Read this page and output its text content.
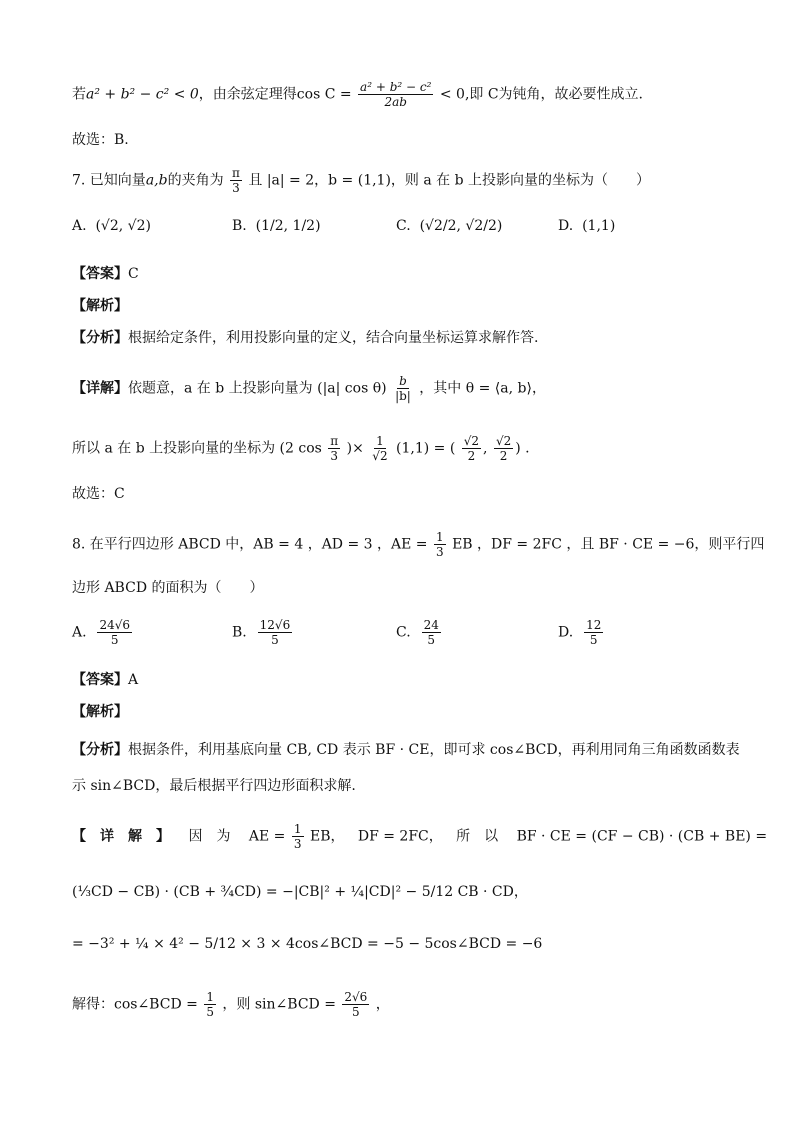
若a² + b² − c² < 0，由余弦定理得$\cos C = \frac{\text{a² + b² − c²}}{2ab} < 0$,即 C为钝角，故必要性成立.
故选：B.
7. 已知向量a,b的夹角为 $\frac{\pi}{3}$ 且 |a| = 2，b = (1,1)，则 a 在 b 上投影向量的坐标为（　　）
A. (√2, √2)	B. (1/2, 1/2)	C. (√2/2, √2/2)	D. (1,1)
【答案】C
【解析】
【分析】根据给定条件，利用投影向量的定义，结合向量坐标运算求解作答.
【详解】依题意，a 在 b 上投影向量为 (|a| $\cos \theta) \frac{b}{|b|}$ ，其中 θ = ⟨a, b⟩，
所以 a 在 b 上投影向量的坐标为 (2 $\cos \frac{\pi}{3}$ )× $\frac{1}{√2} (1,1)$ = ( $\frac{√2}{2}$ , $\frac{√2}{2}$ ) .
故选：C
8. 在平行四边形 ABCD 中，AB = 4 ，AD = 3 ，AE = $\frac{1}{3}$ EB ，DF = 2FC ，且 BF · CE = −6，则平行四
边形 ABCD 的面积为（　　）
A. $\frac{24√6}{5}$	B. $\frac{12√6}{5}$	C. $\frac{24}{5}$	D. $\frac{12}{5}$
【答案】A
【解析】
【分析】根据条件，利用基底向量 CB, CD 表示 BF · CE，即可求 cos∠BCD，再利用同角三角函数函数表
示 sin∠BCD，最后根据平行四边形面积求解.
【详解】 因为 AE = $\frac{1}{3}$ EB， DF = 2FC， 所以 BF · CE = (CF − CB) · (CB + BE) =
(⅓CD − CB) · (CB + ¾CD) = −|CB|² + ¼|CD|² − 5/12 CB · CD，
= −3² + ¼ × 4² − 5/12 × 3 × 4cos∠BCD = −5 − 5cos∠BCD = −6
解得：cos∠BCD = $\frac{1}{5}$ ，则 sin∠BCD = $\frac{2√6}{5}$ ，
